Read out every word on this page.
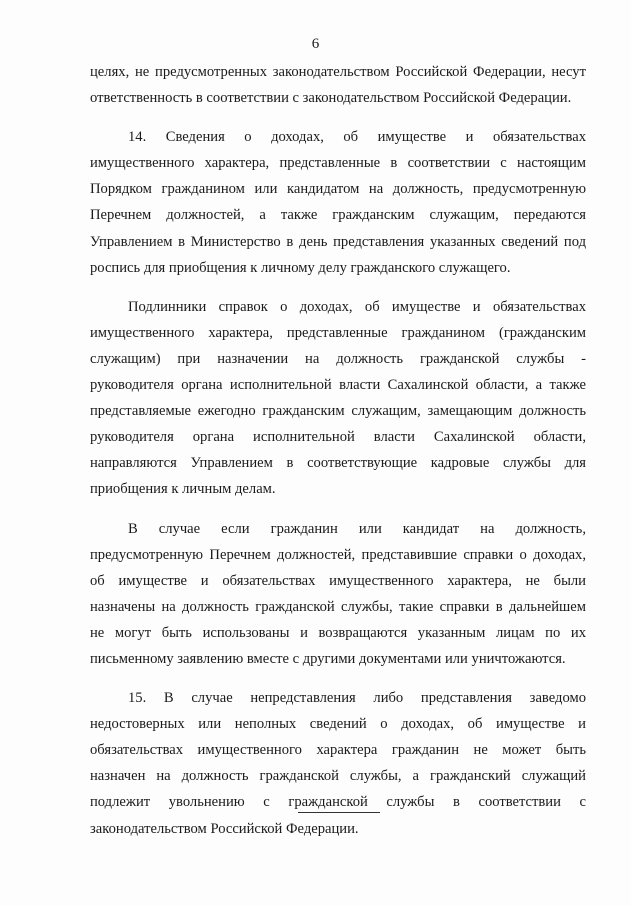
6
целях, не предусмотренных законодательством Российской Федерации, несут
ответственность в соответствии с законодательством Российской Федерации.
14. Сведения о доходах, об имуществе и обязательствах
имущественного характера, представленные в соответствии с настоящим
Порядком гражданином или кандидатом на должность, предусмотренную
Перечнем должностей, а также гражданским служащим, передаются
Управлением в Министерство в день представления указанных сведений под
роспись для приобщения к личному делу гражданского служащего.
Подлинники справок о доходах, об имуществе и обязательствах
имущественного характера, представленные гражданином (гражданским
служащим) при назначении на должность гражданской службы -
руководителя органа исполнительной власти Сахалинской области, а также
представляемые ежегодно гражданским служащим, замещающим должность
руководителя органа исполнительной власти Сахалинской области,
направляются Управлением в соответствующие кадровые службы для
приобщения к личным делам.
В случае если гражданин или кандидат на должность,
предусмотренную Перечнем должностей, представившие справки о доходах,
об имуществе и обязательствах имущественного характера, не были
назначены на должность гражданской службы, такие справки в дальнейшем
не могут быть использованы и возвращаются указанным лицам по их
письменному заявлению вместе с другими документами или уничтожаются.
15. В случае непредставления либо представления заведомо
недостоверных или неполных сведений о доходах, об имуществе и
обязательствах имущественного характера гражданин не может быть
назначен на должность гражданской службы, а гражданский служащий
подлежит увольнению с гражданской службы в соответствии с
законодательством Российской Федерации.
